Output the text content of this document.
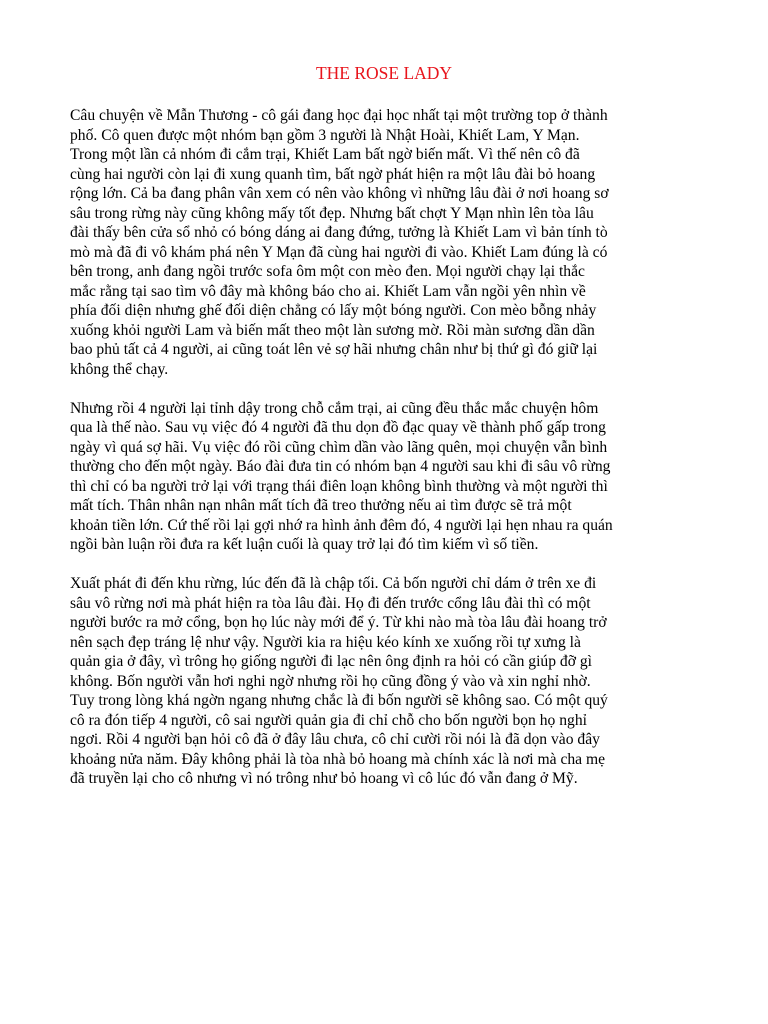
THE ROSE LADY

Câu chuyện về Mẫn Thương - cô gái đang học đại học nhất tại một trường top ở thành
phố. Cô quen được một nhóm bạn gồm 3 người là Nhật Hoài, Khiết Lam, Y Mạn.
Trong một lần cả nhóm đi cắm trại, Khiết Lam bất ngờ biến mất. Vì thế nên cô đã
cùng hai người còn lại đi xung quanh tìm, bất ngờ phát hiện ra một lâu đài bỏ hoang
rộng lớn. Cả ba đang phân vân xem có nên vào không vì những lâu đài ở nơi hoang sơ
sâu trong rừng này cũng không mấy tốt đẹp. Nhưng bất chợt Y Mạn nhìn lên tòa lâu
đài thấy bên cửa sổ nhỏ có bóng dáng ai đang đứng, tưởng là Khiết Lam vì bản tính tò
mò mà đã đi vô khám phá nên Y Mạn đã cùng hai người đi vào. Khiết Lam đúng là có
bên trong, anh đang ngồi trước sofa ôm một con mèo đen. Mọi người chạy lại thắc
mắc rằng tại sao tìm vô đây mà không báo cho ai. Khiết Lam vẫn ngồi yên nhìn về
phía đối diện nhưng ghế đối diện chẳng có lấy một bóng người. Con mèo bỗng nhảy
xuống khỏi người Lam và biến mất theo một làn sương mờ. Rồi màn sương dần dần
bao phủ tất cả 4 người, ai cũng toát lên vẻ sợ hãi nhưng chân như bị thứ gì đó giữ lại
không thể chạy.

Nhưng rồi 4 người lại tỉnh dậy trong chỗ cắm trại, ai cũng đều thắc mắc chuyện hôm
qua là thế nào. Sau vụ việc đó 4 người đã thu dọn đồ đạc quay về thành phố gấp trong
ngày vì quá sợ hãi. Vụ việc đó rồi cũng chìm dần vào lãng quên, mọi chuyện vẫn bình
thường cho đến một ngày. Báo đài đưa tin có nhóm bạn 4 người sau khi đi sâu vô rừng
thì chỉ có ba người trở lại với trạng thái điên loạn không bình thường và một người thì
mất tích. Thân nhân nạn nhân mất tích đã treo thưởng nếu ai tìm được sẽ trả một
khoản tiền lớn. Cứ thế rồi lại gợi nhớ ra hình ảnh đêm đó, 4 người lại hẹn nhau ra quán
ngồi bàn luận rồi đưa ra kết luận cuối là quay trở lại đó tìm kiếm vì số tiền.

Xuất phát đi đến khu rừng, lúc đến đã là chập tối. Cả bốn người chỉ dám ở trên xe đi
sâu vô rừng nơi mà phát hiện ra tòa lâu đài. Họ đi đến trước cổng lâu đài thì có một
người bước ra mở cổng, bọn họ lúc này mới để ý. Từ khi nào mà tòa lâu đài hoang trở
nên sạch đẹp tráng lệ như vậy. Người kia ra hiệu kéo kính xe xuống rồi tự xưng là
quản gia ở đây, vì trông họ giống người đi lạc nên ông định ra hỏi có cần giúp đỡ gì
không. Bốn người vẫn hơi nghi ngờ nhưng rồi họ cũng đồng ý vào và xin nghỉ nhờ.
Tuy trong lòng khá ngờn ngang nhưng chắc là đi bốn người sẽ không sao. Có một quý
cô ra đón tiếp 4 người, cô sai người quản gia đi chỉ chỗ cho bốn người bọn họ nghỉ
ngơi. Rồi 4 người bạn hỏi cô đã ở đây lâu chưa, cô chỉ cười rồi nói là đã dọn vào đây
khoảng nửa năm. Đây không phải là tòa nhà bỏ hoang mà chính xác là nơi mà cha mẹ
đã truyền lại cho cô nhưng vì nó trông như bỏ hoang vì cô lúc đó vẫn đang ở Mỹ.
